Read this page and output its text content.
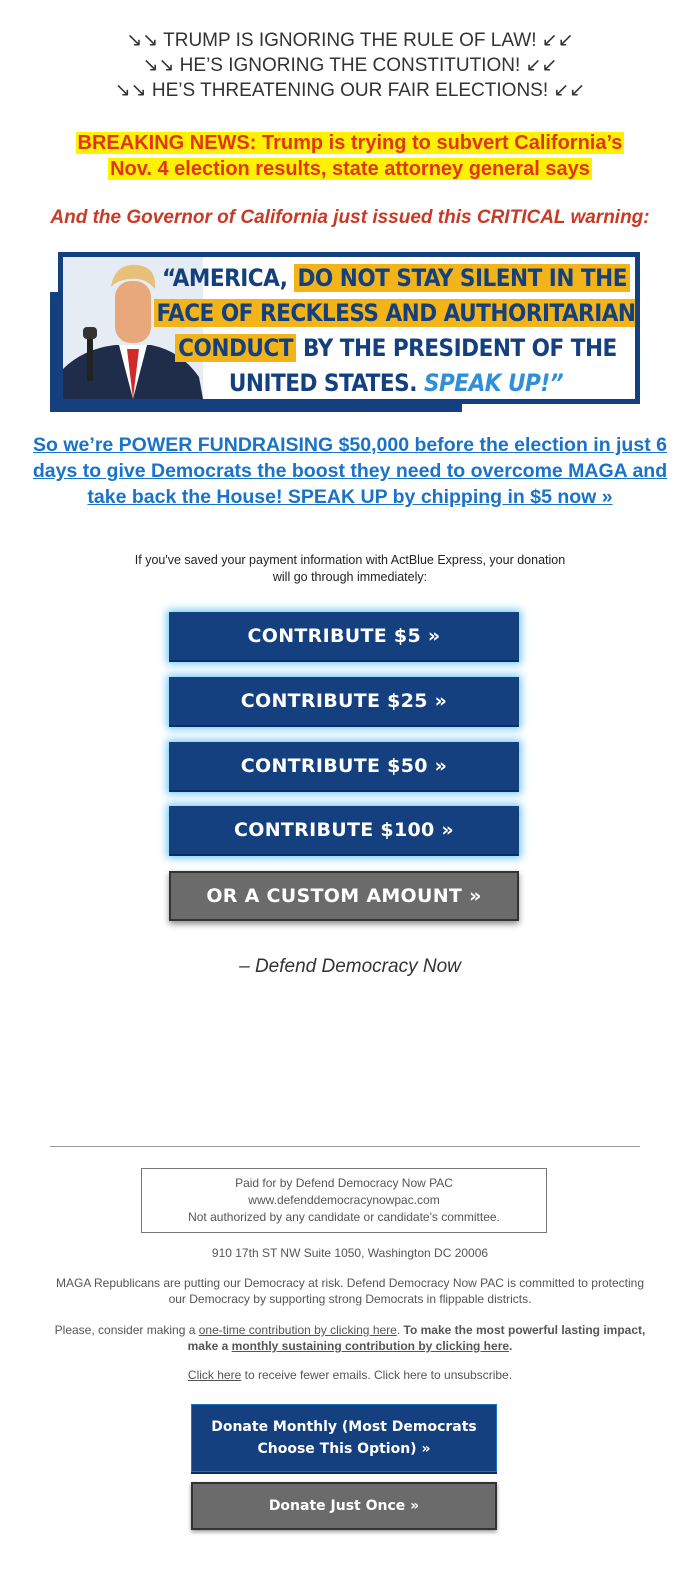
↘↘ TRUMP IS IGNORING THE RULE OF LAW! ↙↙
↘↘ HE’S IGNORING THE CONSTITUTION! ↙↙
↘↘ HE’S THREATENING OUR FAIR ELECTIONS! ↙↙
BREAKING NEWS: Trump is trying to subvert California’s
Nov. 4 election results, state attorney general says
And the Governor of California just issued this CRITICAL warning:
“AMERICA, DO NOT STAY SILENT IN THE
FACE OF RECKLESS AND AUTHORITARIAN
CONDUCT BY THE PRESIDENT OF THE
UNITED STATES. SPEAK UP!”
So we’re POWER FUNDRAISING $50,000 before the election in just 6 days to give Democrats the boost they need to overcome MAGA and take back the House! SPEAK UP by chipping in $5 now »
If you've saved your payment information with ActBlue Express, your donation
will go through immediately:
CONTRIBUTE $5 »
CONTRIBUTE $25 »
CONTRIBUTE $50 »
CONTRIBUTE $100 »
OR A CUSTOM AMOUNT »
– Defend Democracy Now
Paid for by Defend Democracy Now PAC
www.defenddemocracynowpac.com
Not authorized by any candidate or candidate's committee.
910 17th ST NW Suite 1050, Washington DC 20006
MAGA Republicans are putting our Democracy at risk. Defend Democracy Now PAC is committed to protecting our Democracy by supporting strong Democrats in flippable districts.
Please, consider making a one-time contribution by clicking here. To make the most powerful lasting impact, make a monthly sustaining contribution by clicking here.
Click here to receive fewer emails. Click here to unsubscribe.
Donate Monthly (Most Democrats
Choose This Option) »
Donate Just Once »
